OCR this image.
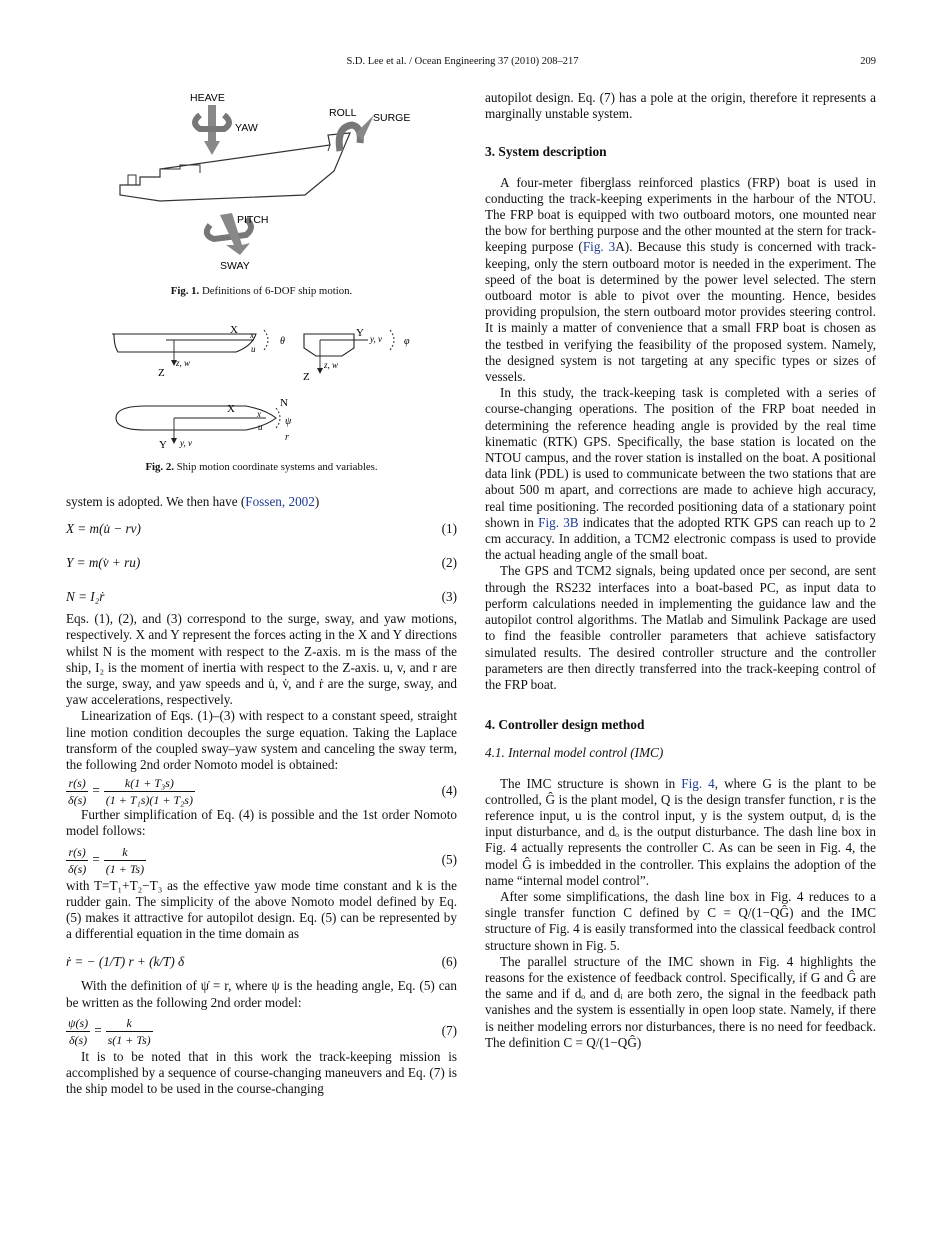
S.D. Lee et al. / Ocean Engineering 37 (2010) 208–217	209
HEAVE
YAW
ROLL SURGE
PITCH
SWAY
Fig. 1. Definitions of 6-DOF ship motion.
X x
u
θ
z, w
Z
Y y, v φ
z, w
Z
X x
u
N
ψ
r
Y y, v
Fig. 2. Ship motion coordinate systems and variables.

system is adopted. We then have (Fossen, 2002)

X = m(u̇ − rv)	(1)
Y = m(v̇ + ru)	(2)
N = I₂ṙ	(3)

Eqs. (1), (2), and (3) correspond to the surge, sway, and yaw motions, respectively. X and Y represent the forces acting in the X and Y directions whilst N is the moment with respect to the Z-axis. m is the mass of the ship, I₂ is the moment of inertia with respect to the Z-axis. u, v, and r are the surge, sway, and yaw speeds and u̇, v̇, and ṙ are the surge, sway, and yaw accelerations, respectively.

Linearization of Eqs. (1)–(3) with respect to a constant speed, straight line motion condition decouples the surge equation. Taking the Laplace transform of the coupled sway–yaw system and canceling the sway term, the following 2nd order Nomoto model is obtained:

$\frac{r(s)}{\delta(s)} = \frac{\text{k(1 + T₃s)}}{\text{(1 + T₁s)(1 + T₂s)}}$	(4)

Further simplification of Eq. (4) is possible and the 1st order Nomoto model follows:

$\frac{r(s)}{\delta(s)} = \frac{k}{(1 + Ts)}$	(5)

with T=T₁+T₂−T₃ as the effective yaw mode time constant and k is the rudder gain. The simplicity of the above Nomoto model defined by Eq. (5) makes it attractive for autopilot design. Eq. (5) can be represented by a differential equation in the time domain as

ṙ = − (1/T) r + (k/T) δ	(6)

With the definition of ψ̇ = r, where ψ is the heading angle, Eq. (5) can be written as the following 2nd order model:

$\frac{\psi(s)}{\delta(s)} = \frac{k}{s(1 + Ts)}$	(7)

It is to be noted that in this work the track-keeping mission is accomplished by a sequence of course-changing maneuvers and Eq. (7) is the ship model to be used in the course-changing

autopilot design. Eq. (7) has a pole at the origin, therefore it represents a marginally unstable system.

3. System description

A four-meter fiberglass reinforced plastics (FRP) boat is used in conducting the track-keeping experiments in the harbour of the NTOU. The FRP boat is equipped with two outboard motors, one mounted near the bow for berthing purpose and the other mounted at the stern for track-keeping purpose (Fig. 3A). Because this study is concerned with track-keeping, only the stern outboard motor is needed in the experiment. The speed of the boat is determined by the power level selected. The stern outboard motor is able to pivot over the mounting. Hence, besides providing propulsion, the stern outboard motor provides steering control. It is mainly a matter of convenience that a small FRP boat is chosen as the testbed in verifying the feasibility of the proposed system. Namely, the designed system is not targeting at any specific types or sizes of vessels.

In this study, the track-keeping task is completed with a series of course-changing operations. The position of the FRP boat needed in determining the reference heading angle is provided by the real time kinematic (RTK) GPS. Specifically, the base station is located on the NTOU campus, and the rover station is installed on the boat. A positional data link (PDL) is used to communicate between the two stations that are about 500 m apart, and corrections are made to achieve high accuracy, real time positioning. The recorded positioning data of a stationary point shown in Fig. 3B indicates that the adopted RTK GPS can reach up to 2 cm accuracy. In addition, a TCM2 electronic compass is used to provide the actual heading angle of the small boat.

The GPS and TCM2 signals, being updated once per second, are sent through the RS232 interfaces into a boat-based PC, as input data to perform calculations needed in implementing the guidance law and the autopilot control algorithms. The Matlab and Simulink Package are used to find the feasible controller parameters that achieve satisfactory simulated results. The desired controller structure and the controller parameters are then directly transferred into the track-keeping control of the FRP boat.

4. Controller design method
4.1. Internal model control (IMC)

The IMC structure is shown in Fig. 4, where G is the plant to be controlled, Ĝ is the plant model, Q is the design transfer function, r is the reference input, u is the control input, y is the system output, dᵢ is the input disturbance, and dₒ is the output disturbance. The dash line box in Fig. 4 actually represents the controller C. As can be seen in Fig. 4, the model Ĝ is imbedded in the controller. This explains the adoption of the name “internal model control”.

After some simplifications, the dash line box in Fig. 4 reduces to a single transfer function C defined by C = Q/(1−QĜ) and the IMC structure of Fig. 4 is easily transformed into the classical feedback control structure shown in Fig. 5.

The parallel structure of the IMC shown in Fig. 4 highlights the reasons for the existence of feedback control. Specifically, if G and Ĝ are the same and if dₒ and dᵢ are both zero, the signal in the feedback path vanishes and the system is essentially in open loop state. Namely, if there is neither modeling errors nor disturbances, there is no need for feedback. The definition C = Q/(1−QĜ)
